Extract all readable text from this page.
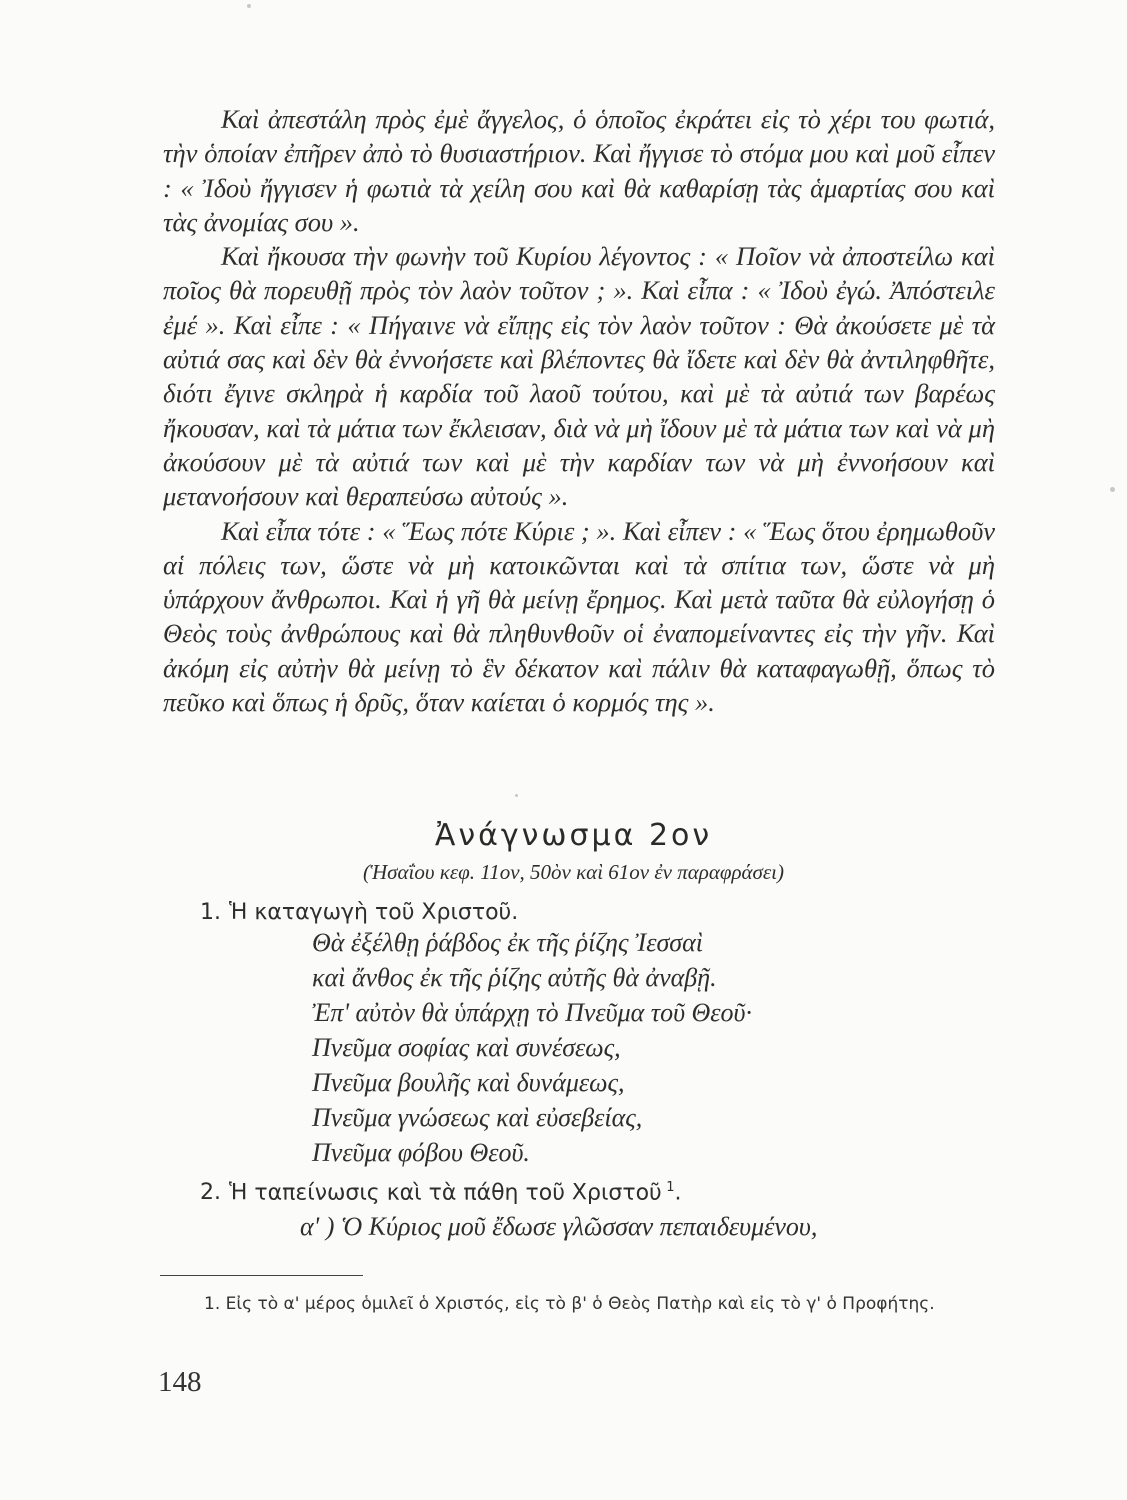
Καὶ ἀπεστάλη πρὸς ἐμὲ ἄγγελος, ὁ ὁποῖος ἐκράτει εἰς τὸ χέρι του φωτιά, τὴν ὁποίαν ἐπῆρεν ἀπὸ τὸ θυσιαστήριον. Καὶ ἤγγισε τὸ στόμα μου καὶ μοῦ εἶπεν : « Ἰδοὺ ἤγγισεν ἡ φωτιὰ τὰ χείλη σου καὶ θὰ καθαρίσῃ τὰς ἁμαρτίας σου καὶ τὰς ἀνομίας σου ».

Καὶ ἤκουσα τὴν φωνὴν τοῦ Κυρίου λέγοντος : « Ποῖον νὰ ἀποστείλω καὶ ποῖος θὰ πορευθῇ πρὸς τὸν λαὸν τοῦτον ; ». Καὶ εἶπα : « Ἰδοὺ ἐγώ. Ἀπόστειλε ἐμέ ». Καὶ εἶπε : « Πήγαινε νὰ εἴπῃς εἰς τὸν λαὸν τοῦτον : Θὰ ἀκούσετε μὲ τὰ αὐτιά σας καὶ δὲν θὰ ἐννοήσετε καὶ βλέποντες θὰ ἴδετε καὶ δὲν θὰ ἀντιληφθῆτε, διότι ἔγινε σκληρὰ ἡ καρδία τοῦ λαοῦ τούτου, καὶ μὲ τὰ αὐτιά των βαρέως ἤκουσαν, καὶ τὰ μάτια των ἔκλεισαν, διὰ νὰ μὴ ἴδουν μὲ τὰ μάτια των καὶ νὰ μὴ ἀκούσουν μὲ τὰ αὐτιά των καὶ μὲ τὴν καρδίαν των νὰ μὴ ἐννοήσουν καὶ μετανοήσουν καὶ θεραπεύσω αὐτούς ».

Καὶ εἶπα τότε : « Ἕως πότε Κύριε ; ». Καὶ εἶπεν : « Ἕως ὅτου ἐρημωθοῦν αἱ πόλεις των, ὥστε νὰ μὴ κατοικῶνται καὶ τὰ σπίτια των, ὥστε νὰ μὴ ὑπάρχουν ἄνθρωποι. Καὶ ἡ γῆ θὰ μείνῃ ἔρημος. Καὶ μετὰ ταῦτα θὰ εὐλογήσῃ ὁ Θεὸς τοὺς ἀνθρώπους καὶ θὰ πληθυνθοῦν οἱ ἐναπομείναντες εἰς τὴν γῆν. Καὶ ἀκόμη εἰς αὐτὴν θὰ μείνῃ τὸ ἓν δέκατον καὶ πάλιν θὰ καταφαγωθῇ, ὅπως τὸ πεῦκο καὶ ὅπως ἡ δρῦς, ὅταν καίεται ὁ κορμός της ».

Ἀνάγνωσμα 2ον
(Ἡσαΐου κεφ. 11ον, 50ὸν καὶ 61ον ἐν παραφράσει)
1. Ἡ καταγωγὴ τοῦ Χριστοῦ.
Θὰ ἐξέλθῃ ῥάβδος ἐκ τῆς ῥίζης Ἰεσσαὶ
καὶ ἄνθος ἐκ τῆς ῥίζης αὐτῆς θὰ ἀναβῇ.
Ἐπ' αὐτὸν θὰ ὑπάρχῃ τὸ Πνεῦμα τοῦ Θεοῦ·
Πνεῦμα σοφίας καὶ συνέσεως,
Πνεῦμα βουλῆς καὶ δυνάμεως,
Πνεῦμα γνώσεως καὶ εὐσεβείας,
Πνεῦμα φόβου Θεοῦ.
2. Ἡ ταπείνωσις καὶ τὰ πάθη τοῦ Χριστοῦ  $^1$.
α' ) Ὁ Κύριος μοῦ ἔδωσε γλῶσσαν πεπαιδευμένου,
1. Εἰς τὸ α' μέρος ὁμιλεῖ ὁ Χριστός, εἰς τὸ β' ὁ Θεὸς Πατὴρ καὶ εἰς τὸ γ' ὁ Προφήτης.
148
